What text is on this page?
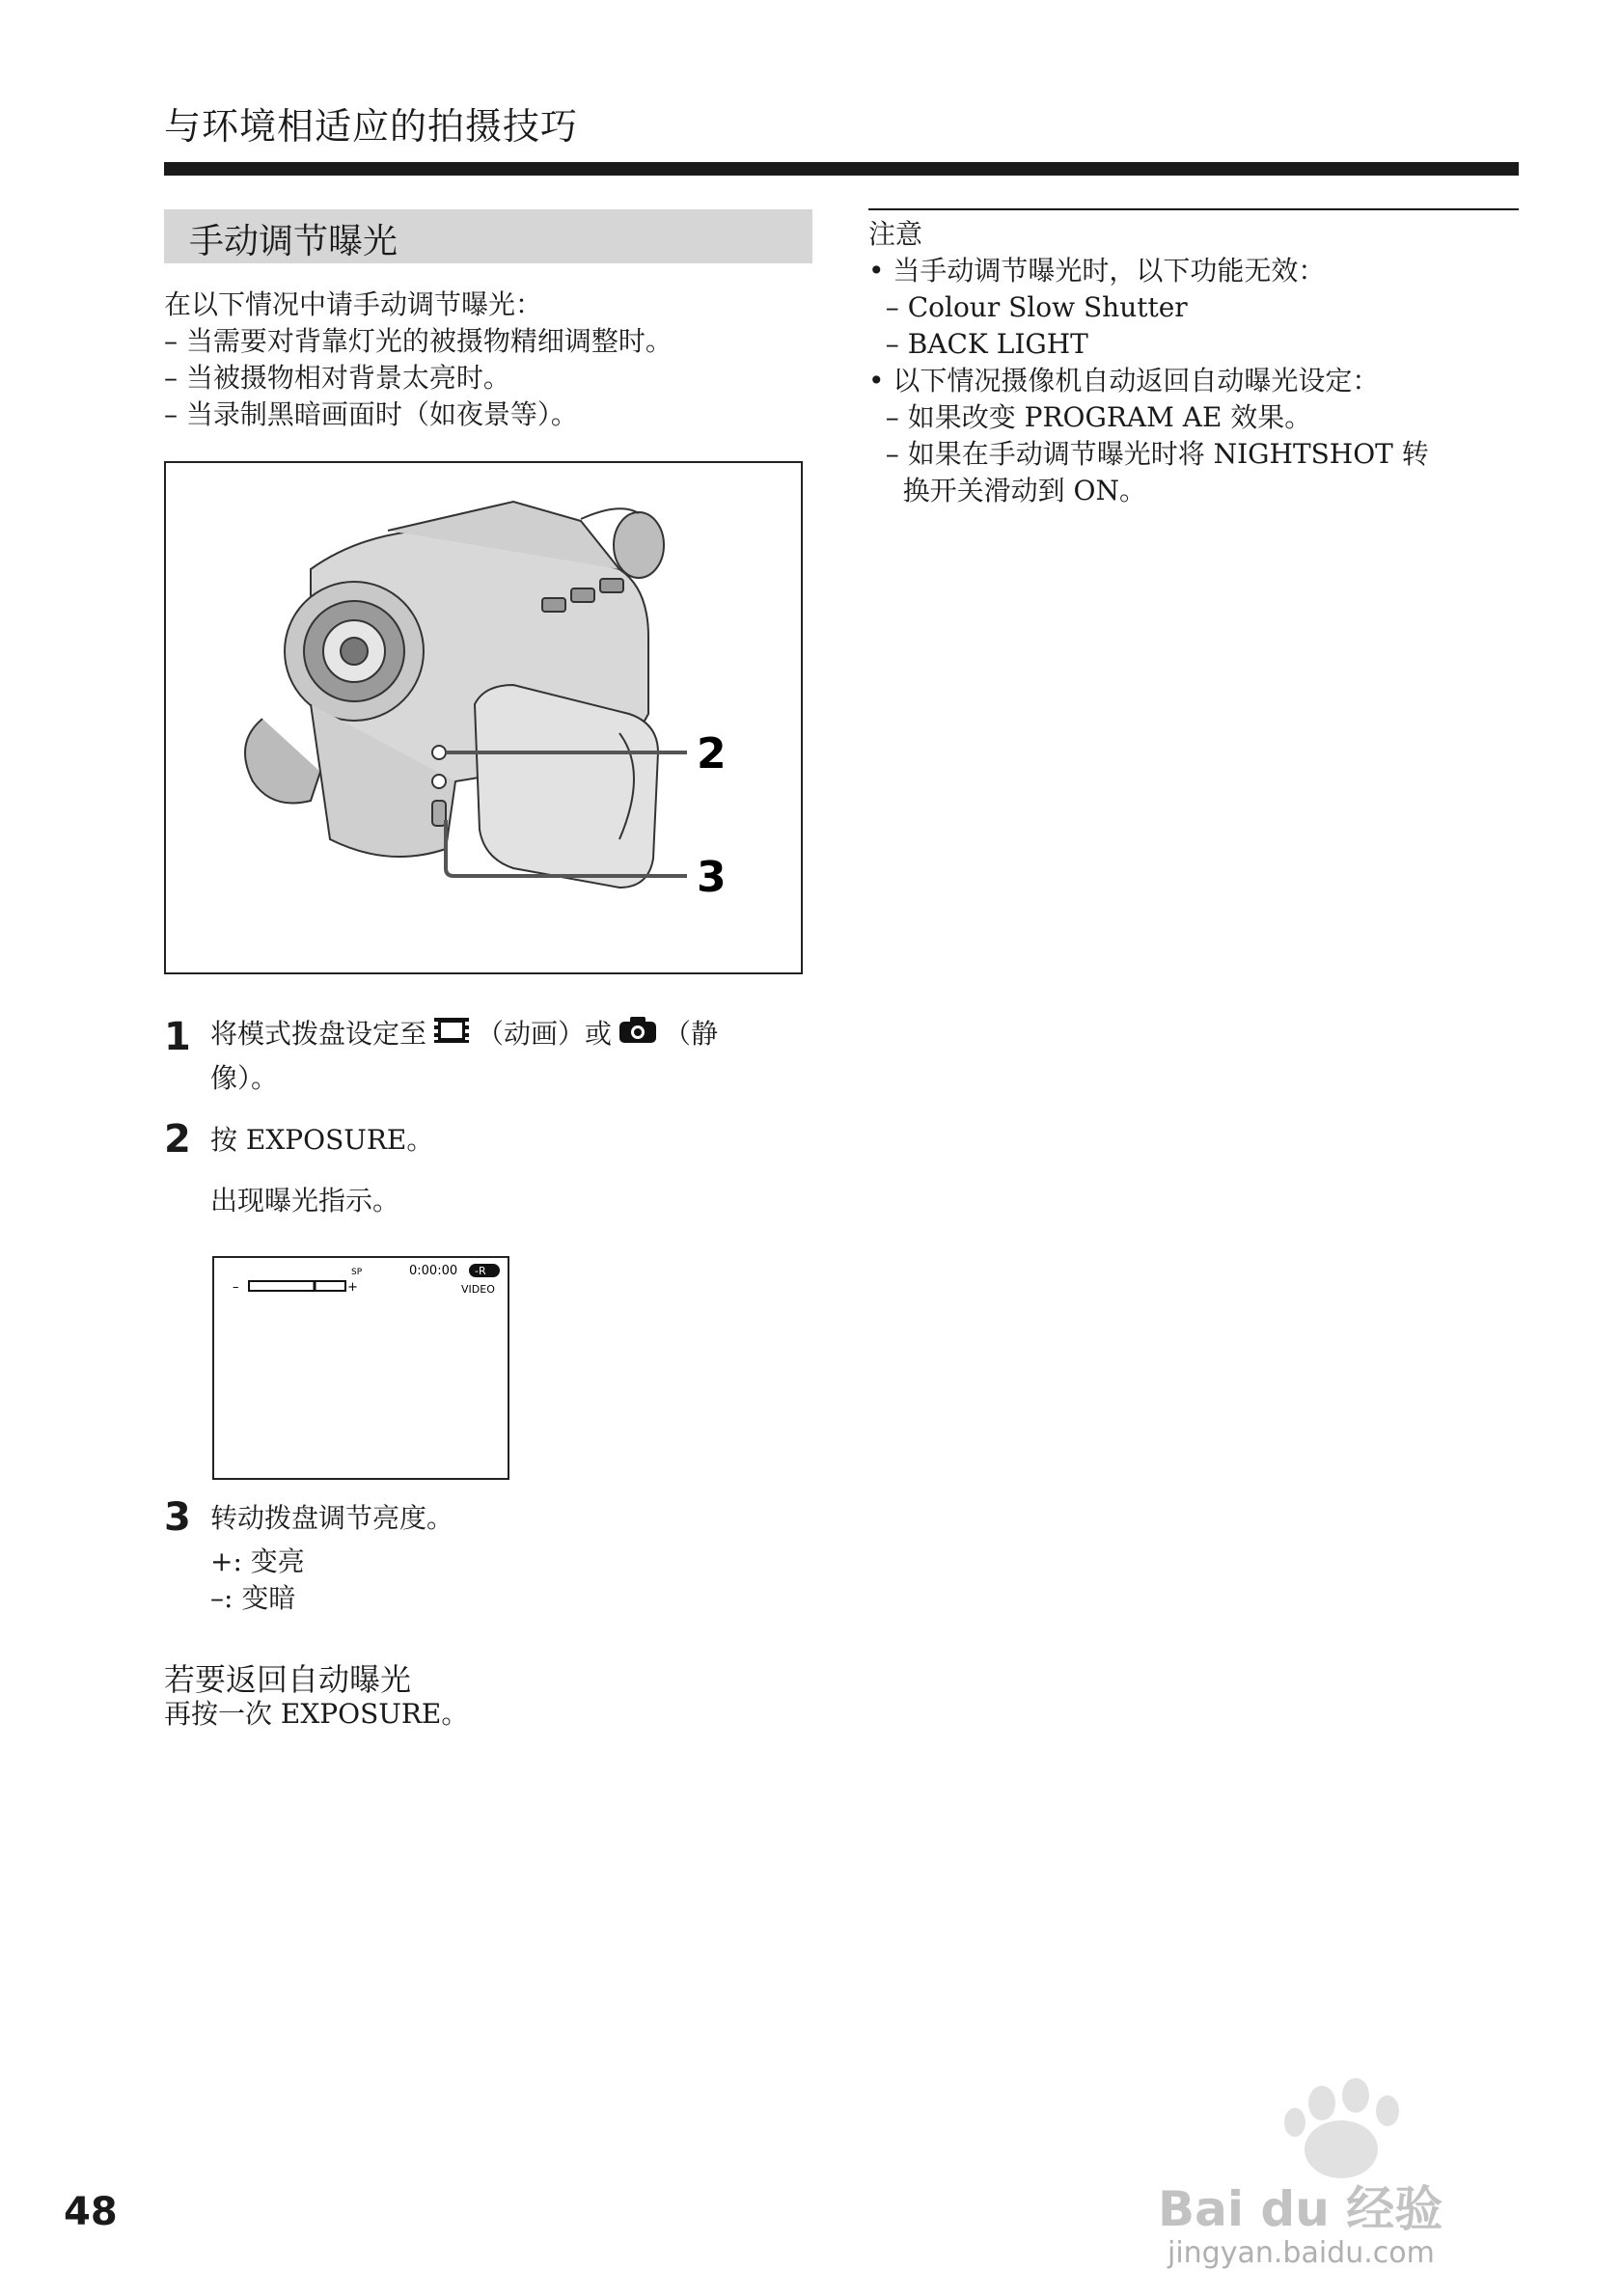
与环境相适应的拍摄技巧
手动调节曝光
在以下情况中请手动调节曝光：
– 当需要对背靠灯光的被摄物精细调整时。
– 当被摄物相对背景太亮时。
– 当录制黑暗画面时（如夜景等）。
2
3
1 将模式拨盘设定至 （动画）或 （静
像）。
2 按 EXPOSURE。
出现曝光指示。
–	+
SP	0:00:00 -R
VIDEO
3 转动拨盘调节亮度。
+: 变亮
–: 变暗
若要返回自动曝光
再按一次 EXPOSURE。
注意
• 当手动调节曝光时，以下功能无效：
– Colour Slow Shutter
– BACK LIGHT
• 以下情况摄像机自动返回自动曝光设定：
– 如果改变 PROGRAM AE 效果。
– 如果在手动调节曝光时将 NIGHTSHOT 转
换开关滑动到 ON。
48	Bai du 经验
jingyan.baidu.com
